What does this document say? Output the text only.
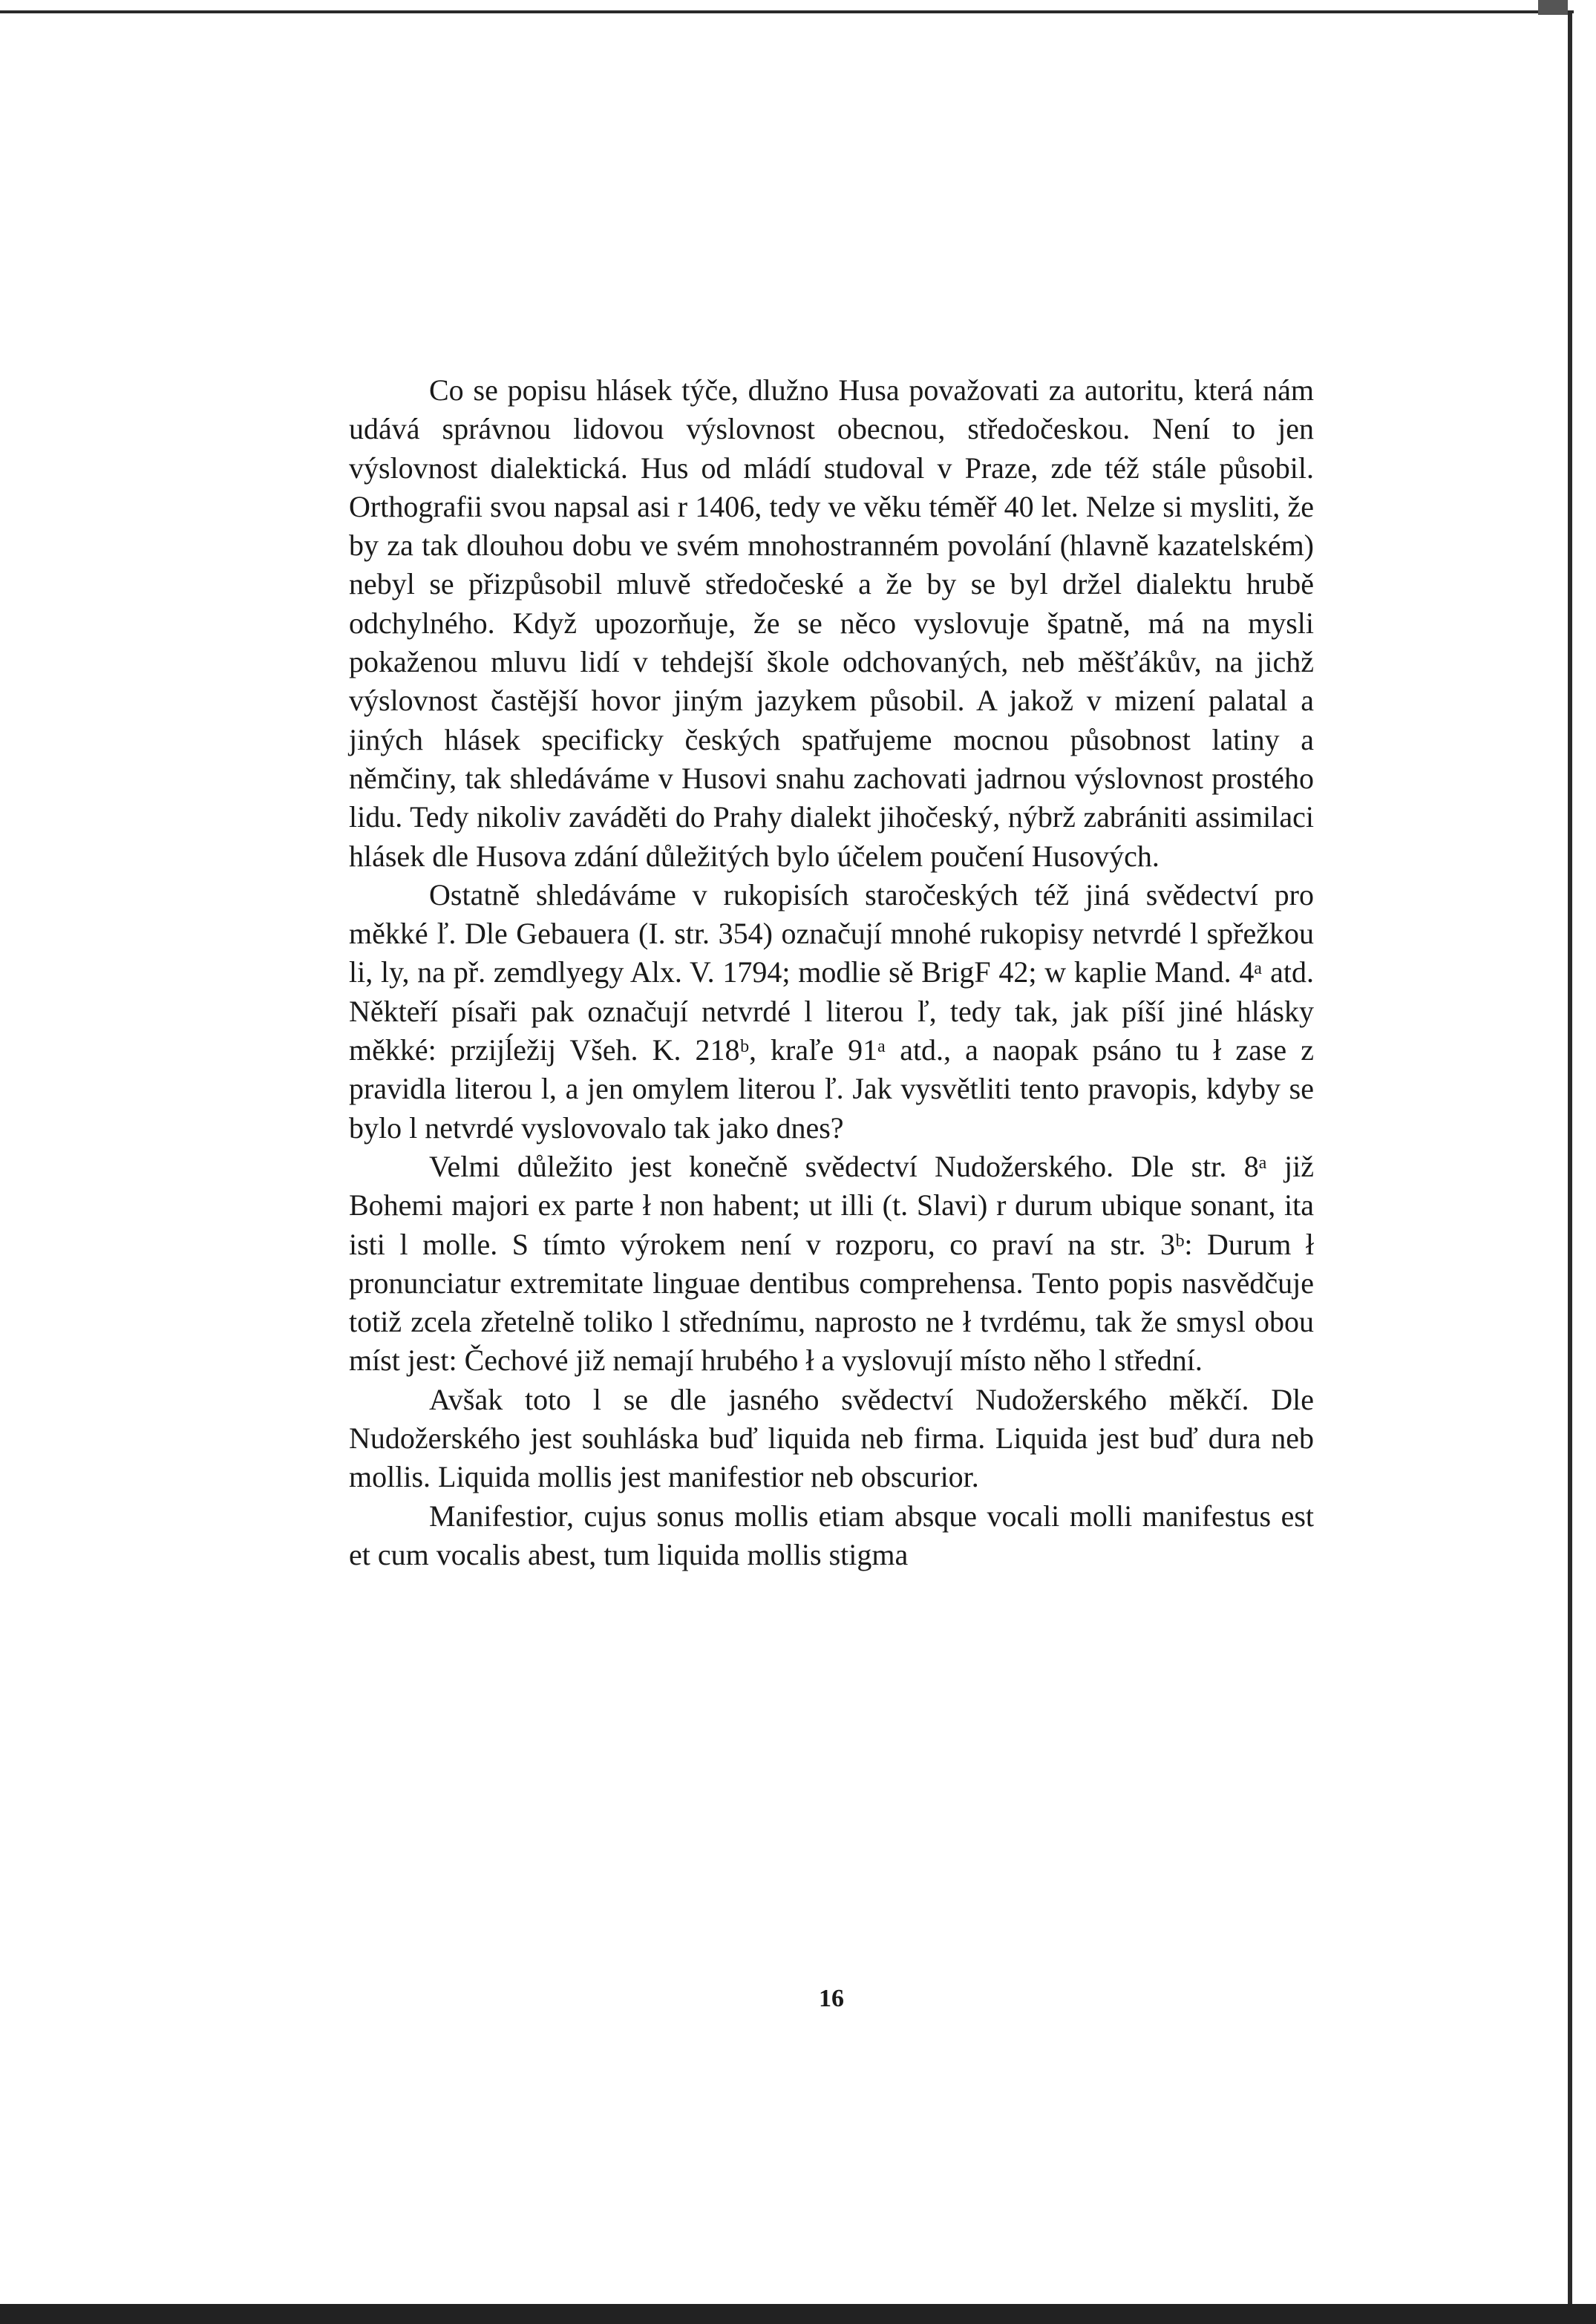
Co se popisu hlásek týče, dlužno Husa považovati za autoritu, která nám udává správnou lidovou výslovnost obecnou, středočeskou. Není to jen výslovnost dialektická. Hus od mládí studoval v Praze, zde též stále působil. Orthografii svou napsal asi r 1406, tedy ve věku téměř 40 let. Nelze si mysliti, že by za tak dlouhou dobu ve svém mnohostranném povolání (hlavně kazatelském) nebyl se přizpůsobil mluvě středočeské a že by se byl držel dialektu hrubě odchylného. Když upozorňuje, že se něco vyslovuje špatně, má na mysli pokaženou mluvu lidí v tehdejší škole odchovaných, neb měšťákův, na jichž výslovnost častější hovor jiným jazykem působil. A jakož v mizení palatal a jiných hlásek specificky českých spatřujeme mocnou působnost latiny a němčiny, tak shledáváme v Husovi snahu zachovati jadrnou výslovnost prostého lidu. Tedy nikoliv zaváděti do Prahy dialekt jihočeský, nýbrž zabrániti assimilaci hlásek dle Husova zdání důležitých bylo účelem poučení Husových.

Ostatně shledáváme v rukopisích staročeských též jiná svědectví pro měkké ľ. Dle Gebauera (I. str. 354) označují mnohé rukopisy netvrdé l spřežkou li, ly, na př. zemdlyegy Alx. V. 1794; modlie sě BrigF 42; w kaplie Mand. 4ᵃ atd. Někteří písaři pak označují netvrdé l literou ľ, tedy tak, jak píší jiné hlásky měkké: przijĺežij Všeh. K. 218ᵇ, kraľe 91ᵃ atd., a naopak psáno tu ł zase z pravidla literou l, a jen omylem literou ľ. Jak vysvětliti tento pravopis, kdyby se bylo l netvrdé vyslovovalo tak jako dnes?

Velmi důležito jest konečně svědectví Nudožerského. Dle str. 8ᵃ již Bohemi majori ex parte ł non habent; ut illi (t. Slavi) r durum ubique sonant, ita isti l molle. S tímto výrokem není v rozporu, co praví na str. 3ᵇ: Durum ł pronunciatur extremitate linguae dentibus comprehensa. Tento popis nasvědčuje totiž zcela zřetelně toliko l střednímu, naprosto ne ł tvrdému, tak že smysl obou míst jest: Čechové již nemají hrubého ł a vyslovují místo něho l střední.

Avšak toto l se dle jasného svědectví Nudožerského měkčí. Dle Nudožerského jest souhláska buď liquida neb firma. Liquida jest buď dura neb mollis. Liquida mollis jest manifestior neb obscurior.

Manifestior, cujus sonus mollis etiam absque vocali molli manifestus est et cum vocalis abest, tum liquida mollis stigma

16
